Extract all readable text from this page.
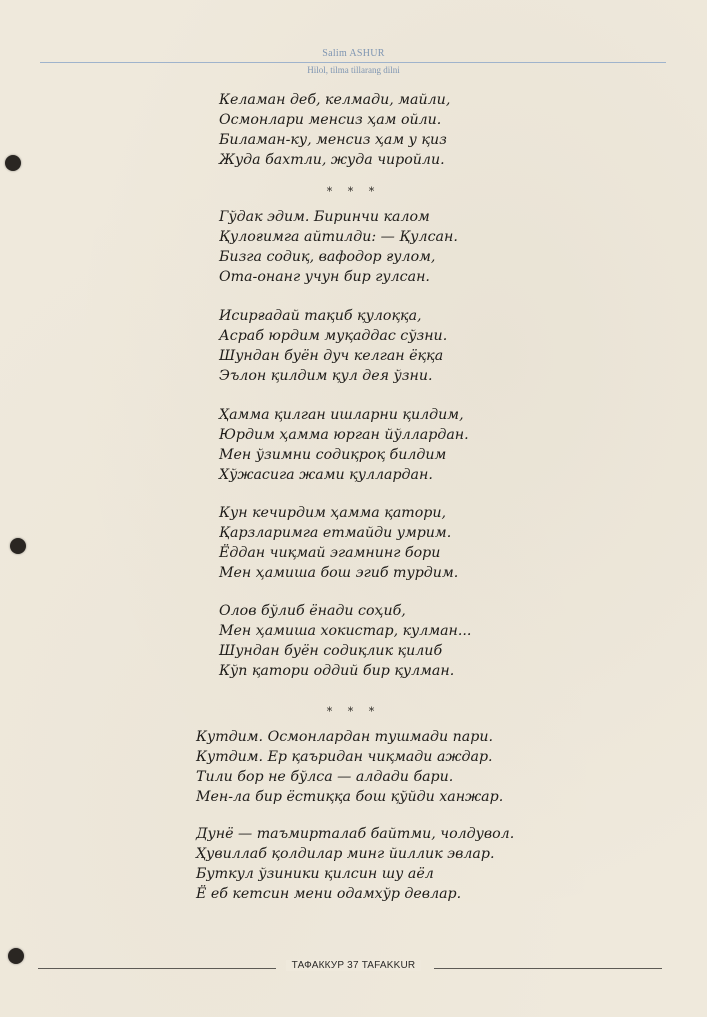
Salim ASHUR
Hilol, tilma tillarang dilni
Келаман деб, келмади, майли,
Осмонлари менсиз ҳам ойли.
Биламан-ку, менсиз ҳам у қиз
Жуда бахтли, жуда чиройли.
* * *
Гўдак эдим. Биринчи калом
Қулоғимга айтилди: — Қулсан.
Бизга содиқ, вафодор ғулом,
Ота-онанг учун бир гулсан.
Исирғадай тақиб қулоққа,
Асраб юрдим муқаддас сўзни.
Шундан буён дуч келган ёққа
Эълон қилдим қул дея ўзни.
Ҳамма қилган ишларни қилдим,
Юрдим ҳамма юрган йўллардан.
Мен ўзимни содиқроқ билдим
Хўжасига жами қуллардан.
Кун кечирдим ҳамма қатори,
Қарзларимга етмайди умрим.
Ёддан чиқмай эгамнинг бори
Мен ҳамиша бош эгиб турдим.
Олов бўлиб ёнади соҳиб,
Мен ҳамиша хокистар, кулман...
Шундан буён содиқлик қилиб
Кўп қатори оддий бир қулман.
* * *
Кутдим. Осмонлардан тушмади пари.
Кутдим. Ер қаъридан чиқмади аждар.
Тили бор не бўлса — алдади бари.
Мен-ла бир ёстиққа бош қўйди ханжар.
Дунё — таъмирталаб байтми, чолдувол.
Ҳувиллаб қолдилар минг йиллик эвлар.
Буткул ўзиники қилсин шу аёл
Ё еб кетсин мени одамхўр девлар.
ТАФАККУР 37 TAFAKKUR
